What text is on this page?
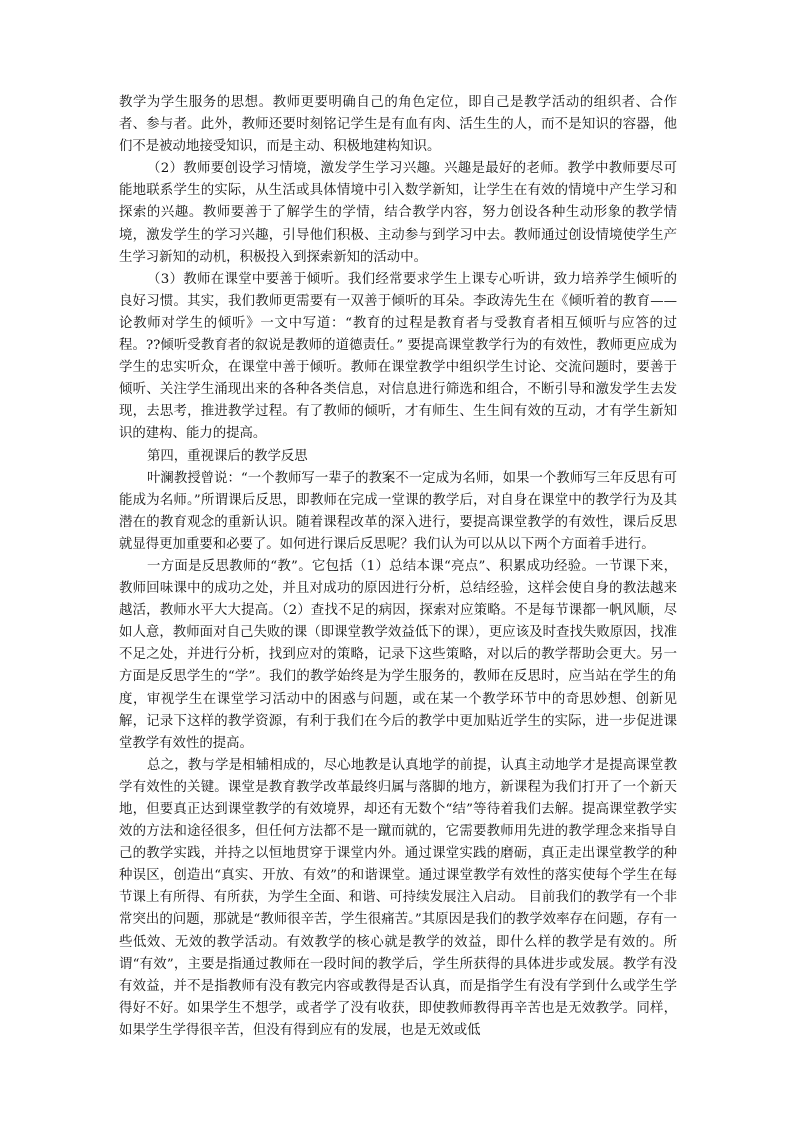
教学为学生服务的思想。教师更要明确自己的角色定位，即自己是教学活动的组织者、合作者、参与者。此外，教师还要时刻铭记学生是有血有肉、活生生的人，而不是知识的容器，他们不是被动地接受知识，而是主动、积极地建构知识。

（2）教师要创设学习情境，激发学生学习兴趣。兴趣是最好的老师。教学中教师要尽可能地联系学生的实际，从生活或具体情境中引入数学新知，让学生在有效的情境中产生学习和探索的兴趣。教师要善于了解学生的学情，结合教学内容，努力创设各种生动形象的教学情境，激发学生的学习兴趣，引导他们积极、主动参与到学习中去。教师通过创设情境使学生产生学习新知的动机，积极投入到探索新知的活动中。

（3）教师在课堂中要善于倾听。我们经常要求学生上课专心听讲，致力培养学生倾听的良好习惯。其实，我们教师更需要有一双善于倾听的耳朵。李政涛先生在《倾听着的教育——论教师对学生的倾听》一文中写道：“教育的过程是教育者与受教育者相互倾听与应答的过程。??倾听受教育者的叙说是教师的道德责任。” 要提高课堂教学行为的有效性，教师更应成为学生的忠实听众，在课堂中善于倾听。教师在课堂教学中组织学生讨论、交流问题时，要善于倾听、关注学生涌现出来的各种各类信息，对信息进行筛选和组合，不断引导和激发学生去发现，去思考，推进教学过程。有了教师的倾听，才有师生、生生间有效的互动，才有学生新知识的建构、能力的提高。

第四，重视课后的教学反思

叶澜教授曾说：“一个教师写一辈子的教案不一定成为名师，如果一个教师写三年反思有可能成为名师。”所谓课后反思，即教师在完成一堂课的教学后，对自身在课堂中的教学行为及其潜在的教育观念的重新认识。随着课程改革的深入进行，要提高课堂教学的有效性，课后反思就显得更加重要和必要了。如何进行课后反思呢？我们认为可以从以下两个方面着手进行。

一方面是反思教师的“教”。它包括（1）总结本课“亮点”、积累成功经验。一节课下来，教师回味课中的成功之处，并且对成功的原因进行分析，总结经验，这样会使自身的教法越来越活，教师水平大大提高。（2）查找不足的病因，探索对应策略。不是每节课都一帆风顺，尽如人意，教师面对自己失败的课（即课堂教学效益低下的课），更应该及时查找失败原因，找准不足之处，并进行分析，找到应对的策略，记录下这些策略，对以后的教学帮助会更大。另一方面是反思学生的“学”。我们的教学始终是为学生服务的，教师在反思时，应当站在学生的角度，审视学生在课堂学习活动中的困惑与问题，或在某一个教学环节中的奇思妙想、创新见解，记录下这样的教学资源，有利于我们在今后的教学中更加贴近学生的实际，进一步促进课堂教学有效性的提高。

总之，教与学是相辅相成的，尽心地教是认真地学的前提，认真主动地学才是提高课堂教学有效性的关键。课堂是教育教学改革最终归属与落脚的地方，新课程为我们打开了一个新天地，但要真正达到课堂教学的有效境界，却还有无数个“结”等待着我们去解。提高课堂教学实效的方法和途径很多，但任何方法都不是一蹴而就的，它需要教师用先进的教学理念来指导自己的教学实践，并持之以恒地贯穿于课堂内外。通过课堂实践的磨砺，真正走出课堂教学的种种误区，创造出“真实、开放、有效”的和谐课堂。通过课堂教学有效性的落实使每个学生在每节课上有所得、有所获，为学生全面、和谐、可持续发展注入启动。 目前我们的教学有一个非常突出的问题，那就是“教师很辛苦，学生很痛苦。”其原因是我们的教学效率存在问题，存有一些低效、无效的教学活动。有效教学的核心就是教学的效益，即什么样的教学是有效的。所谓“有效”，主要是指通过教师在一段时间的教学后，学生所获得的具体进步或发展。教学有没有效益，并不是指教师有没有教完内容或教得是否认真，而是指学生有没有学到什么或学生学得好不好。如果学生不想学，或者学了没有收获，即使教师教得再辛苦也是无效教学。同样，如果学生学得很辛苦，但没有得到应有的发展，也是无效或低
